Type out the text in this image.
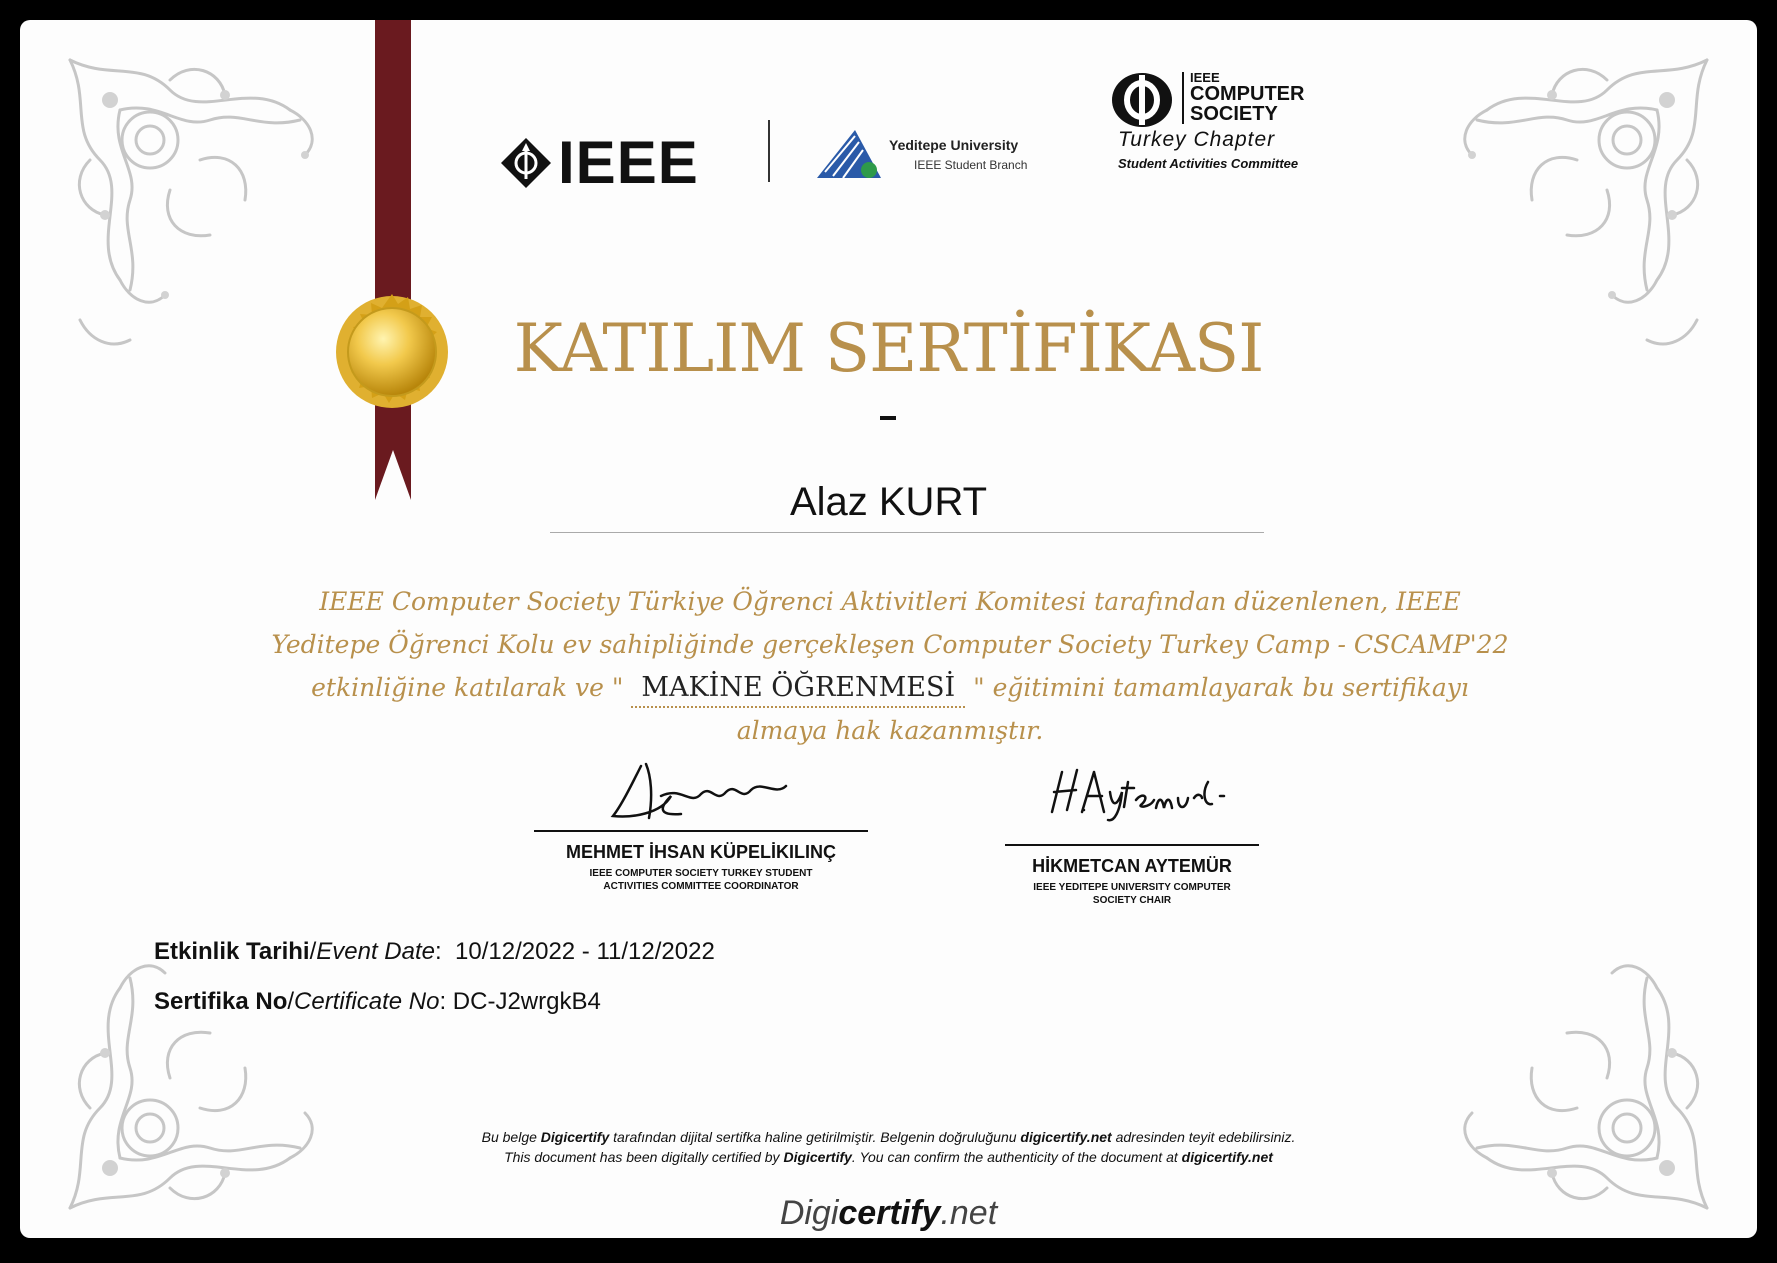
IEEE	Yeditepe University
IEEE Student Branch
IEEE
COMPUTER
SOCIETY
Turkey Chapter
Student Activities Committee
KATILIM SERTİFİKASI
Alaz KURT
IEEE Computer Society Türkiye Öğrenci Aktivitleri Komitesi tarafından düzenlenen, IEEE
Yeditepe Öğrenci Kolu ev sahipliğinde gerçekleşen Computer Society Turkey Camp - CSCAMP'22
etkinliğine katılarak ve " MAKİNE ÖĞRENMESİ " eğitimini tamamlayarak bu sertifikayı
almaya hak kazanmıştır.
MEHMET İHSAN KÜPELİKILINÇ
IEEE COMPUTER SOCIETY TURKEY STUDENT
ACTIVITIES COMMITTEE COORDINATOR
HİKMETCAN AYTEMÜR
IEEE YEDITEPE UNIVERSITY COMPUTER
SOCIETY CHAIR
Etkinlik Tarihi/Event Date:  10/12/2022 - 11/12/2022
Sertifika No/Certificate No: DC-J2wrgkB4
Bu belge Digicertify tarafından dijital sertifka haline getirilmiştir. Belgenin doğruluğunu digicertify.net adresinden teyit edebilirsiniz.
This document has been digitally certified by Digicertify. You can confirm the authenticity of the document at digicertify.net
Digicertify.net
